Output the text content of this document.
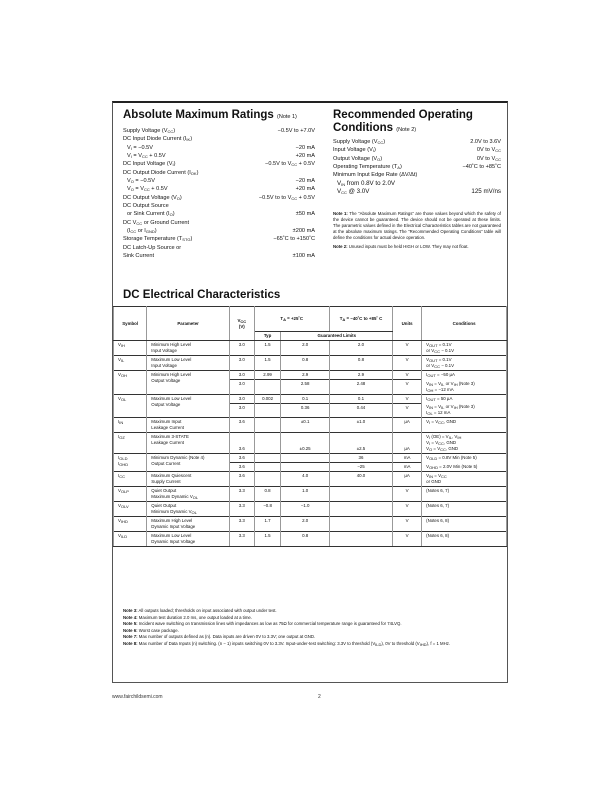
Absolute Maximum Ratings (Note 1)
Supply Voltage $(V_{CC})$	−0.5V to +7.0V
DC Input Diode Current $(I_{IK})$
$V_I = -0.5V$	−20 mA
$V_I = V_{CC} + 0.5V$	+20 mA
DC Input Voltage $(V_I)$	−0.5V to $V_{CC} + 0.5V$
DC Output Diode Current $(I_{OK})$
$V_O = -0.5V$	−20 mA
$V_O = V_{CC} + 0.5V$	+20 mA
DC Output Voltage $(V_O)$	−0.5V to to $V_{CC} + 0.5V$
DC Output Source
or Sink Current $(I_O)$	±50 mA
DC $V_{CC}$ or Ground Current
($I_{CC}$ or $I_{GND}$)	±200 mA
Storage Temperature $(T_{STG})$	−65˚C to +150˚C
DC Latch-Up Source or
Sink Current	±100 mA
Recommended Operating
Conditions (Note 2)
Supply Voltage $(V_{CC})$	2.0V to 3.6V
Input Voltage $(V_I)$	0V to $V_{CC}$
Output Voltage $(V_O)$	0V to $V_{CC}$
Operating Temperature $(T_A)$	−40˚C to +85˚C
Minimum Input Edge Rate (ΔV/Δt)
$V_{IN}$ from 0.8V to 2.0V
$V_{CC}$ @ 3.0V	125 mV/ns

Note 1: The “Absolute Maximum Ratings” are those values beyond which the safety of the device cannot be guaranteed. The device should not be operated at these limits. The parametric values defined in the Electrical Characteristics tables are not guaranteed at the absolute maximum ratings. The “Recommended Operating Conditions” table will define the conditions for actual device operation.

Note 2: Unused inputs must be held HIGH or LOW. They may not float.

DC Electrical Characteristics
Symbol	Parameter	$V_{CC}$
(V)	$T_A$ = +25˚C		$T_A$ = −40˚C to +85˚ C	Units	Conditions
			Typ	Guaranteed Limits			
$V_{IH}$	Minimum High Level
Input Voltage	3.0	1.5	2.0	2.0	V	$V_{OUT} = 0.1V$
or $V_{CC} - 0.1V$
$V_{IL}$	Maximum Low Level
Input Voltage	3.0	1.5	0.8	0.8	V	$V_{OUT} = 0.1V$
or $V_{CC} - 0.1V$
$V_{OH}$	Minimum High Level
Output Voltage	3.0	2.99	2.9	2.9	V	$I_{OUT} = -50$ µA
		3.0		2.58	2.48	V	$V_{IN} = V_{IL}$ or $V_{IH}$ (Note 3)
$I_{OH} = -12$ mA
$V_{OL}$	Maximum Low Level
Output Voltage	3.0	0.002	0.1	0.1	V	$I_{OUT} = 50$ µA
		3.0		0.36	0.44	V	$V_{IN} = V_{IL}$ or $V_{IH}$ (Note 3)
$I_{OL} = 12$ mA
$I_{IN}$	Maximum Input
Leakage Current	3.6		±0.1	±1.0	µA	$V_I = V_{CC}$, GND
$I_{OZ}$	Maximum 3-STATE
Leakage Current	3.6		±0.25	±2.5	µA	$V_I$ $(OE) = V_{IL}$, $V_{IH}$
$V_I = V_{CC}$, GND
$V_O = V_{CC}$, GND
$I_{OLD}$
$I_{OHD}$	Minimum Dynamic (Note 4)
Output Current	3.6			36	mA	$V_{OLD} = 0.8V$ Min (Note 5)
		3.6			−25	mA	$V_{OHD} = 2.0V$ Min (Note 5)
$I_{CC}$	Maximum Quiescent
Supply Current	3.6		4.0	40.0	µA	$V_{IN} = V_{CC}$
or GND
$V_{OLP}$	Quiet Output
Maximum Dynamic $V_{OL}$	3.3	0.8	1.0		V	(Notes 6, 7)
$V_{OLV}$	Quiet Output
Minimum Dynamic $V_{OL}$	3.3	−0.8	−1.0		V	(Notes 6, 7)
$V_{IHD}$	Maximum High Level
Dynamic Input Voltage	3.3	1.7	2.0		V	(Notes 6, 8)
$V_{ILD}$	Maximum Low Level
Dynamic Input Voltage	3.3	1.5	0.8		V	(Notes 6, 8)
Note 3: All outputs loaded; thresholds on input associated with output under test.
Note 4: Maximum test duration 2.0 ms, one output loaded at a time.
Note 5: Incident wave switching on transmission lines with impedances as low as 75Ω for commercial temperature range is guaranteed for 74LVQ.
Note 6: Worst case package.
Note 7: Max number of outputs defined as (n). Data inputs are driven 0V to 3.3V; one output at GND.
Note 8: Max number of Data Inputs (n) switching. (n − 1) inputs switching 0V to 3.3V. Input-under-test switching: 3.3V to threshold $(V_{ILD})$, 0V to threshold $(V_{IHD})$, f = 1 MHz.
www.fairchildsemi.com	2
